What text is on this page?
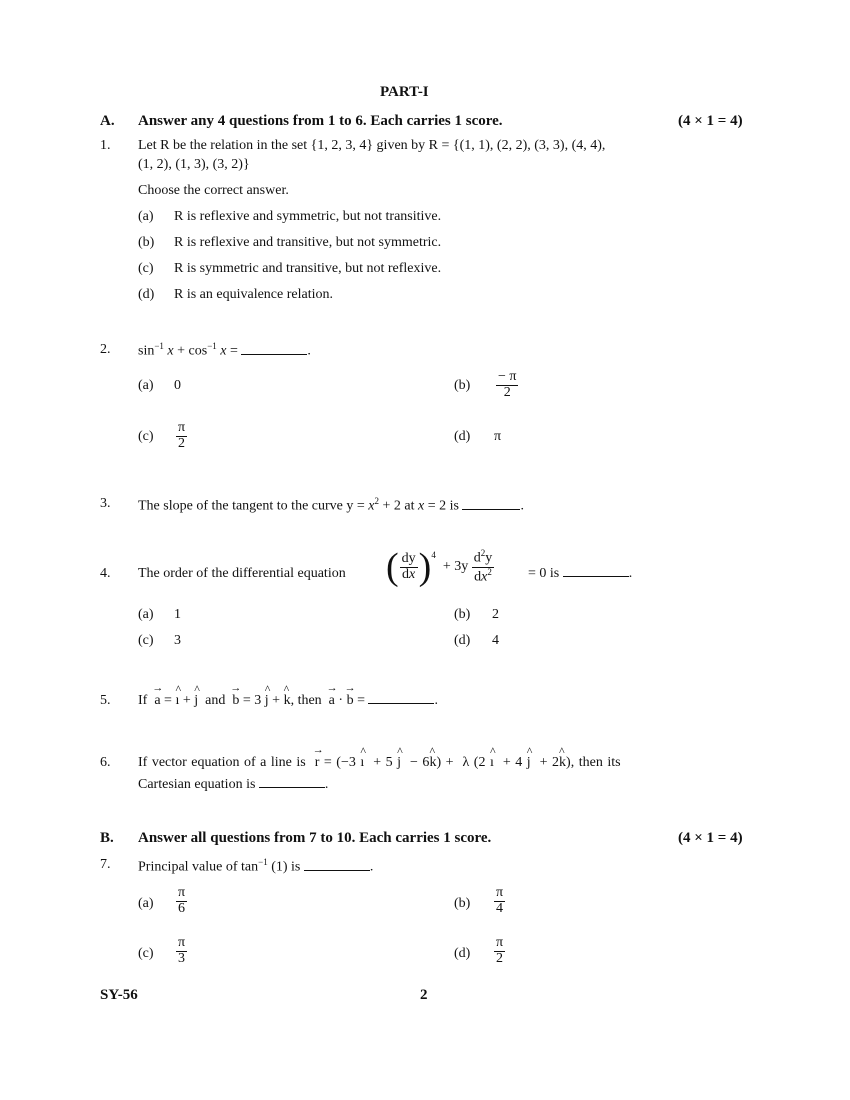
PART-I
A. Answer any 4 questions from 1 to 6. Each carries 1 score.	(4 × 1 = 4)
1. Let R be the relation in the set {1, 2, 3, 4} given by R = {(1, 1), (2, 2), (3, 3), (4, 4),
(1, 2), (1, 3), (3, 2)}
Choose the correct answer.
(a) R is reflexive and symmetric, but not transitive.
(b) R is reflexive and transitive, but not symmetric.
(c) R is symmetric and transitive, but not reflexive.
(d) R is an equivalence relation.
2. $\sin^{-1} x + \cos^{-1} x$ =	.
(a) 0	$(b) \frac{- \pi}{2}$
$(c) \frac{\pi}{2}$	(d) π
3. The slope of the tangent to the curve $y = x^2 + 2$ at x = 2 is	.
4. The order of the differential equation ( $\frac{dy}{dx} )^4 + 3y \frac{d^2y}{dx^2}$
= 0 is	.
(a) 1	(b) 2
(c) 3	(d) 4
5. If  → a = ^ ı + ^ j  and  → b = 3 ^ j + ^ k, then  → a · → b =	.
6. If vector equation of a line is  → r = (−3 ^ ı  + 5 ^ j  − 6^ k) +  λ (2 ^ ı  + 4 ^ j  + 2^ k), then its
Cartesian equation is	.
B. Answer all questions from 7 to 10. Each carries 1 score.	(4 × 1 = 4)
7. Principal value of $\tan^{-1} (1)$ is	.
$(a) \frac{\pi}{6}$	$(b) \frac{\pi}{4}$
$(c) \frac{\pi}{3}$	$(d) \frac{\pi}{2}$
SY-56	2
